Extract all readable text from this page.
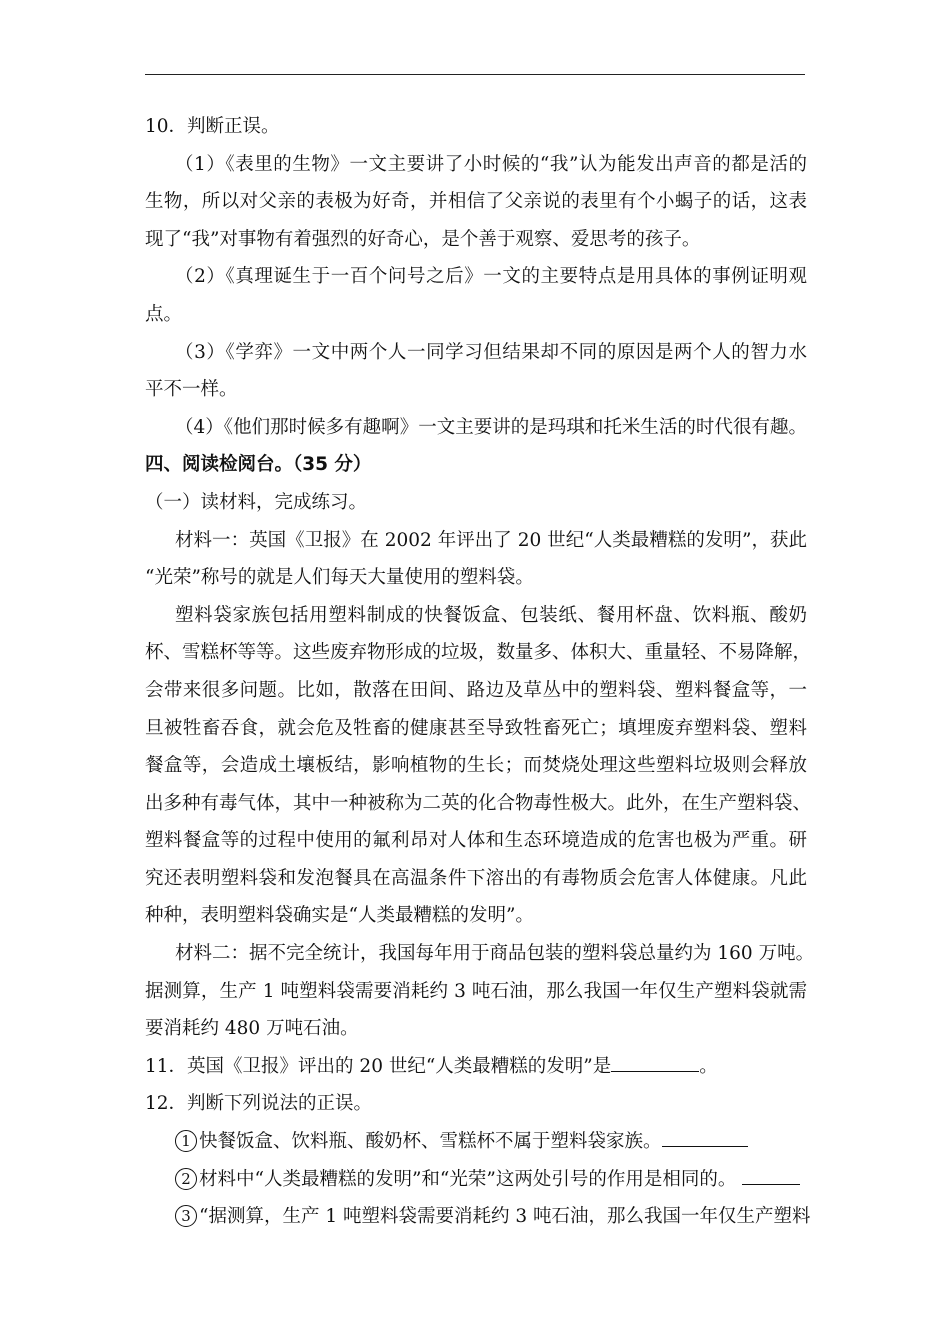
10．判断正误。

（1）《表里的生物》一文主要讲了小时候的“我”认为能发出声音的都是活的

生物，所以对父亲的表极为好奇，并相信了父亲说的表里有个小蝎子的话，这表

现了“我”对事物有着强烈的好奇心，是个善于观察、爱思考的孩子。

（2）《真理诞生于一百个问号之后》一文的主要特点是用具体的事例证明观

点。

（3）《学弈》一文中两个人一同学习但结果却不同的原因是两个人的智力水

平不一样。

（4）《他们那时候多有趣啊》一文主要讲的是玛琪和托米生活的时代很有趣。

四、阅读检阅台。（35 分）

（一）读材料，完成练习。

材料一：英国《卫报》在 2002 年评出了 20 世纪“人类最糟糕的发明”，获此

“光荣”称号的就是人们每天大量使用的塑料袋。

塑料袋家族包括用塑料制成的快餐饭盒、包装纸、餐用杯盘、饮料瓶、酸奶

杯、雪糕杯等等。这些废弃物形成的垃圾，数量多、体积大、重量轻、不易降解，

会带来很多问题。比如，散落在田间、路边及草丛中的塑料袋、塑料餐盒等，一

旦被牲畜吞食，就会危及牲畜的健康甚至导致牲畜死亡；填埋废弃塑料袋、塑料

餐盒等，会造成土壤板结，影响植物的生长；而焚烧处理这些塑料垃圾则会释放

出多种有毒气体，其中一种被称为二英的化合物毒性极大。此外，在生产塑料袋、

塑料餐盒等的过程中使用的氟利昂对人体和生态环境造成的危害也极为严重。研

究还表明塑料袋和发泡餐具在高温条件下溶出的有毒物质会危害人体健康。凡此

种种，表明塑料袋确实是“人类最糟糕的发明”。

材料二：据不完全统计，我国每年用于商品包装的塑料袋总量约为 160 万吨。

据测算，生产 1 吨塑料袋需要消耗约 3 吨石油，那么我国一年仅生产塑料袋就需

要消耗约 480 万吨石油。

11．英国《卫报》评出的 20 世纪“人类最糟糕的发明”是	。

12．判断下列说法的正误。

1 快餐饭盒、饮料瓶、酸奶杯、雪糕杯不属于塑料袋家族。

2 材料中“人类最糟糕的发明”和“光荣”这两处引号的作用是相同的。

3 “据测算，生产 1 吨塑料袋需要消耗约 3 吨石油，那么我国一年仅生产塑料
